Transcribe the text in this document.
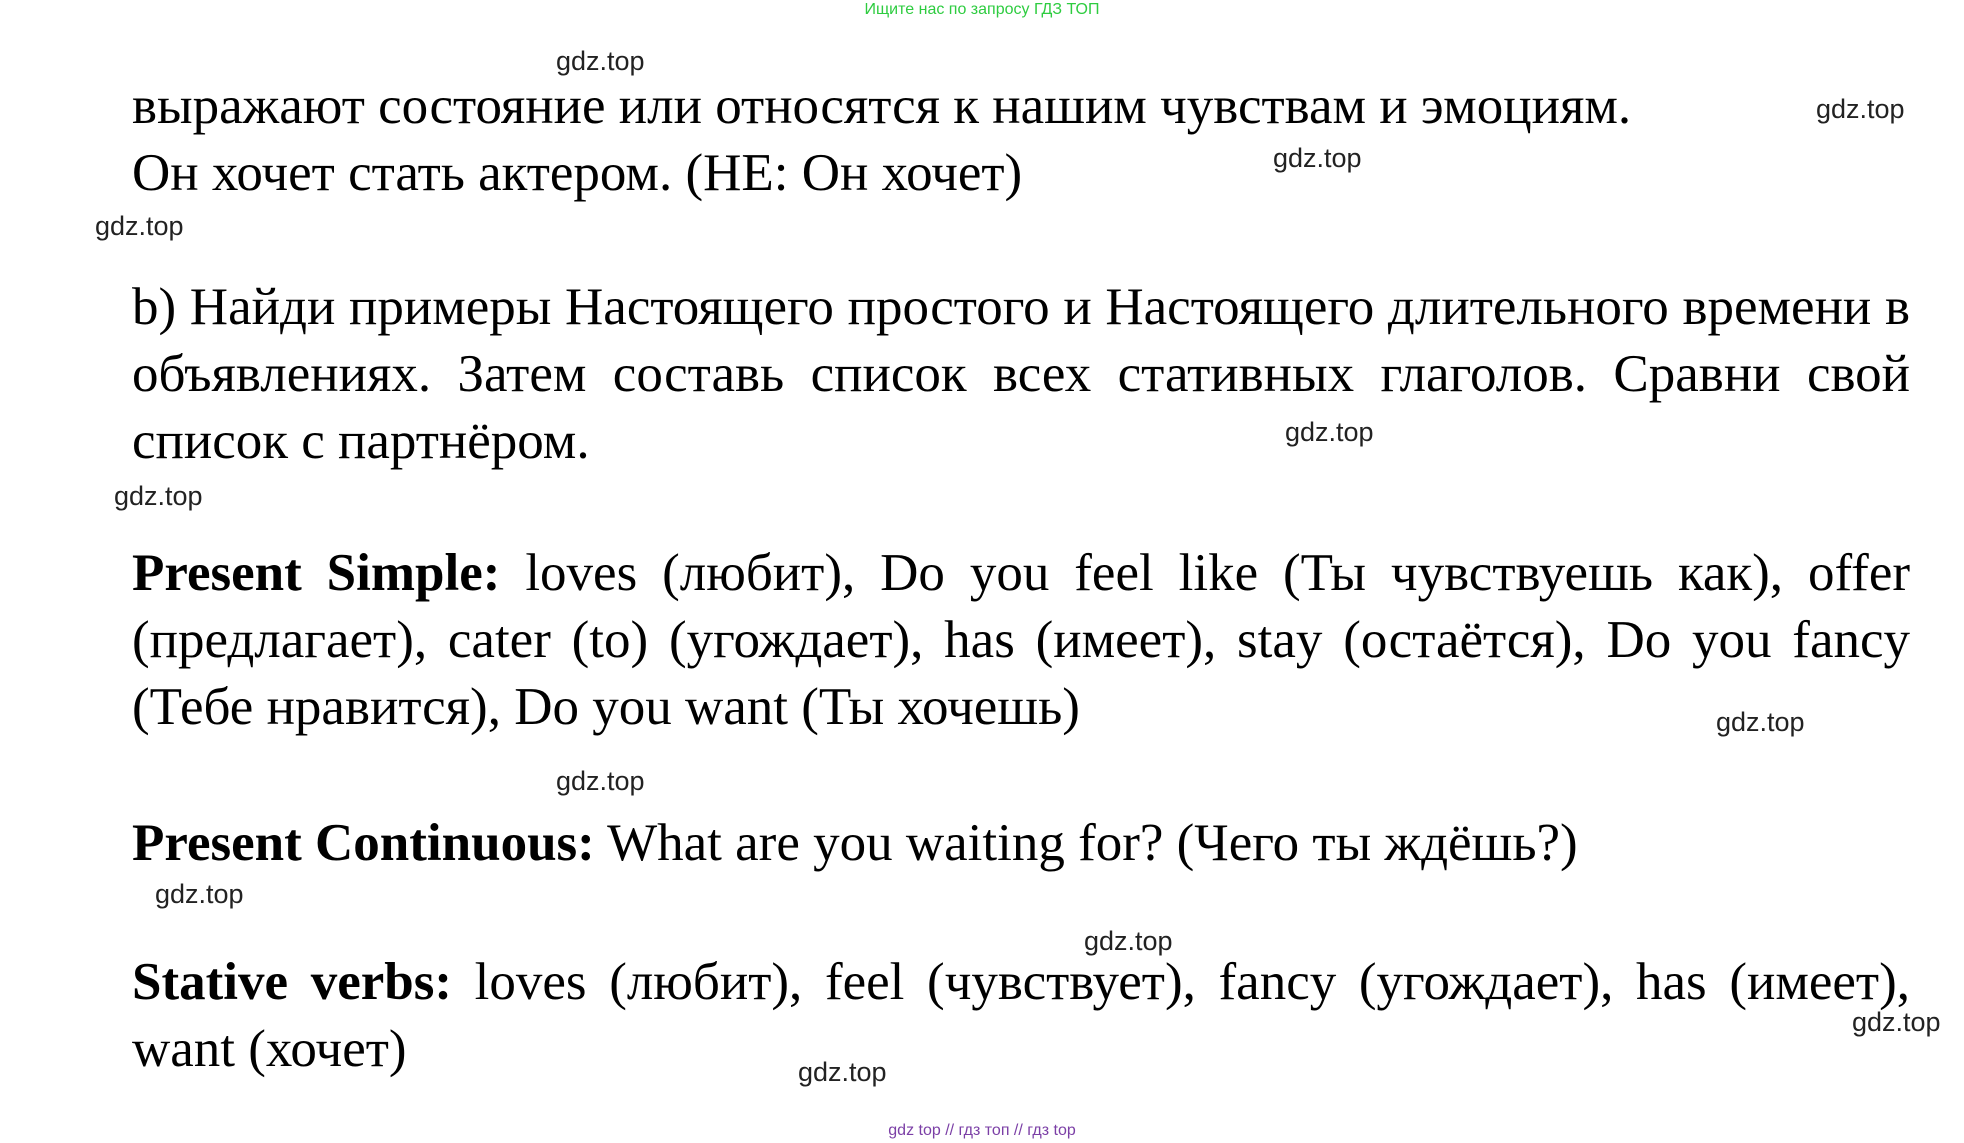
Ищите нас по запросу ГДЗ ТОП
выражают состояние или относятся к нашим чувствам и эмоциям.
Он хочет стать актером. (НЕ: Он хочет)
b) Найди примеры Настоящего простого и Настоящего длительного времени в объявлениях. Затем составь список всех стативных глаголов. Сравни свой список с партнёром.
Present Simple: loves (любит), Do you feel like (Ты чувствуешь как), offer (предлагает), cater (to) (угождает), has (имеет), stay (остаётся), Do you fancy (Тебе нравится), Do you want (Ты хочешь)
Present Continuous: What are you waiting for? (Чего ты ждёшь?)
Stative verbs: loves (любит), feel (чувствует), fancy (угождает), has (имеет), want (хочет)
gdz.top
gdz.top
gdz.top
gdz.top
gdz.top
gdz.top
gdz.top
gdz.top
gdz.top
gdz.top
gdz.top
gdz.top
gdz top // гдз топ // гдз top
